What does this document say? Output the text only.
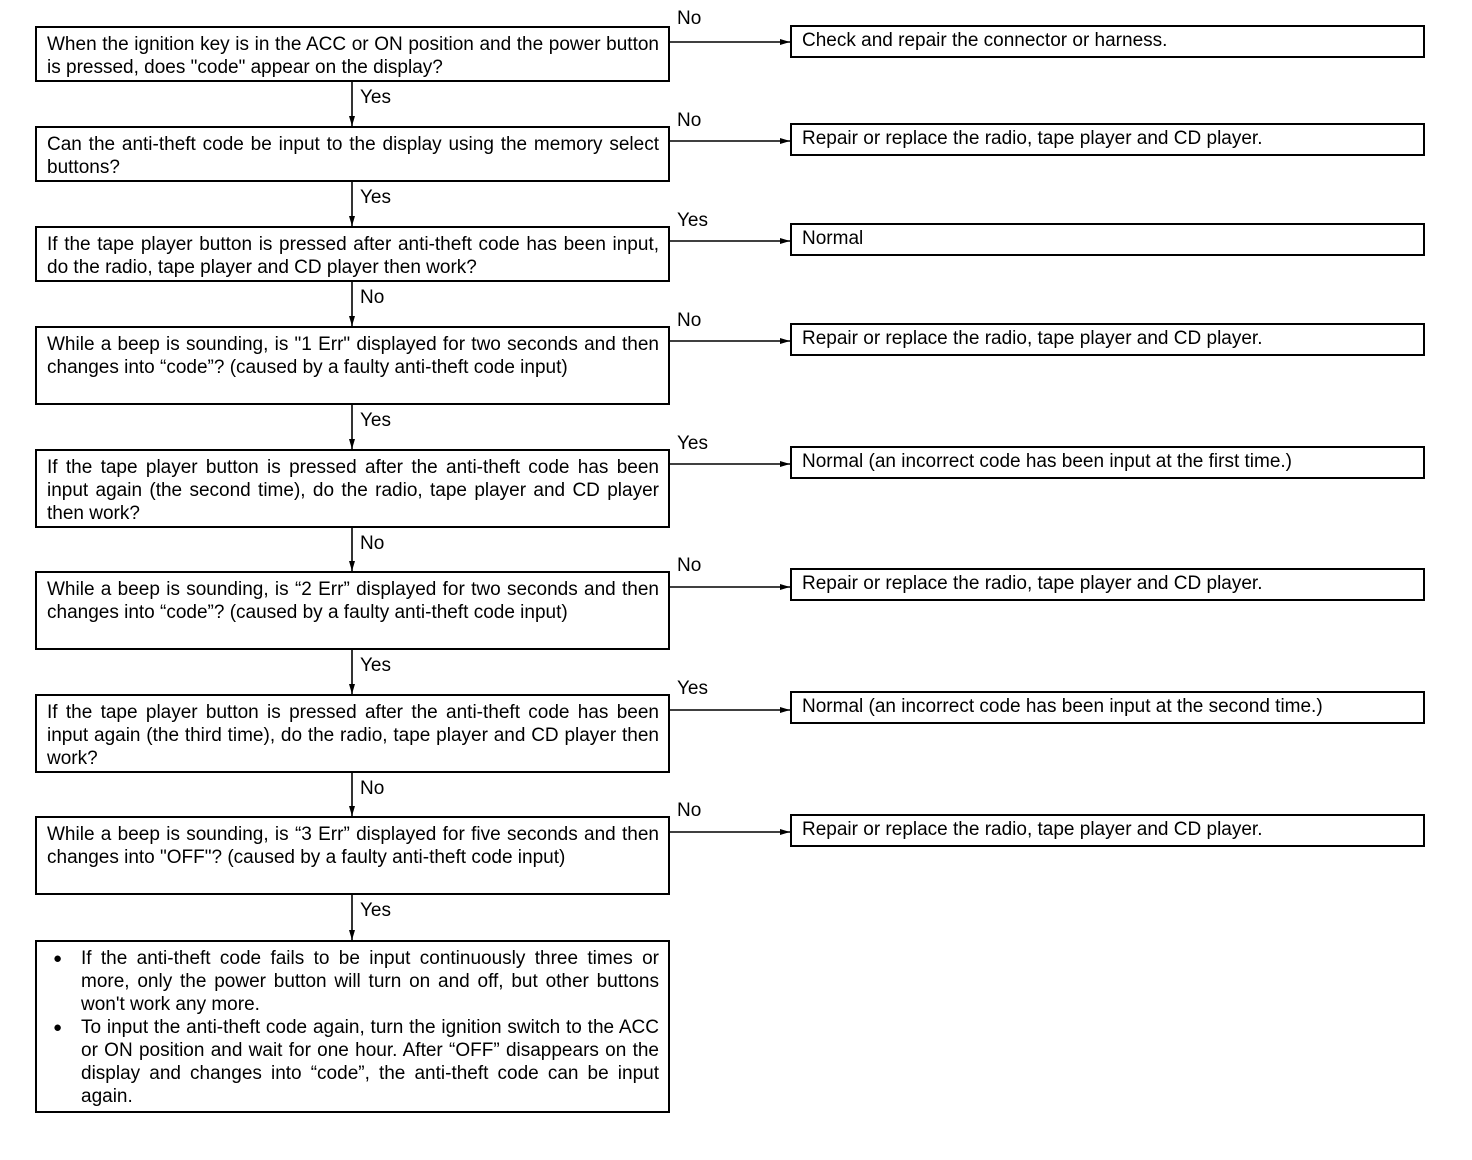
When the ignition key is in the ACC or ON position and the power button is pressed, does "code" appear on the display?
Can the anti-theft code be input to the display using the memory select buttons?
If the tape player button is pressed after anti-theft code has been input, do the radio, tape player and CD player then work?
While a beep is sounding, is "1 Err" displayed for two seconds and then changes into “code”? (caused by a faulty anti-theft code input)
If the tape player button is pressed after the anti-theft code has been input again (the second time), do the radio, tape player and CD player then work?
While a beep is sounding, is “2 Err” displayed for two seconds and then changes into “code”? (caused by a faulty anti-theft code input)
If the tape player button is pressed after the anti-theft code has been input again (the third time), do the radio, tape player and CD player then work?
While a beep is sounding, is “3 Err” displayed for five seconds and then changes into "OFF"? (caused by a faulty anti-theft code input)
Check and repair the connector or harness.
Repair or replace the radio, tape player and CD player.
Normal
Repair or replace the radio, tape player and CD player.
Normal (an incorrect code has been input at the first time.)
Repair or replace the radio, tape player and CD player.
Normal (an incorrect code has been input at the second time.)
Repair or replace the radio, tape player and CD player.
No
No
Yes
No
Yes
No
Yes
No
Yes
Yes
No
Yes
No
Yes
No
Yes
● If the anti-theft code fails to be input continuously three times or more, only the power button will turn on and off, but other buttons won't work any more.
● To input the anti-theft code again, turn the ignition switch to the ACC or ON position and wait for one hour. After “OFF” disappears on the display and changes into “code”, the anti-theft code can be input again.
